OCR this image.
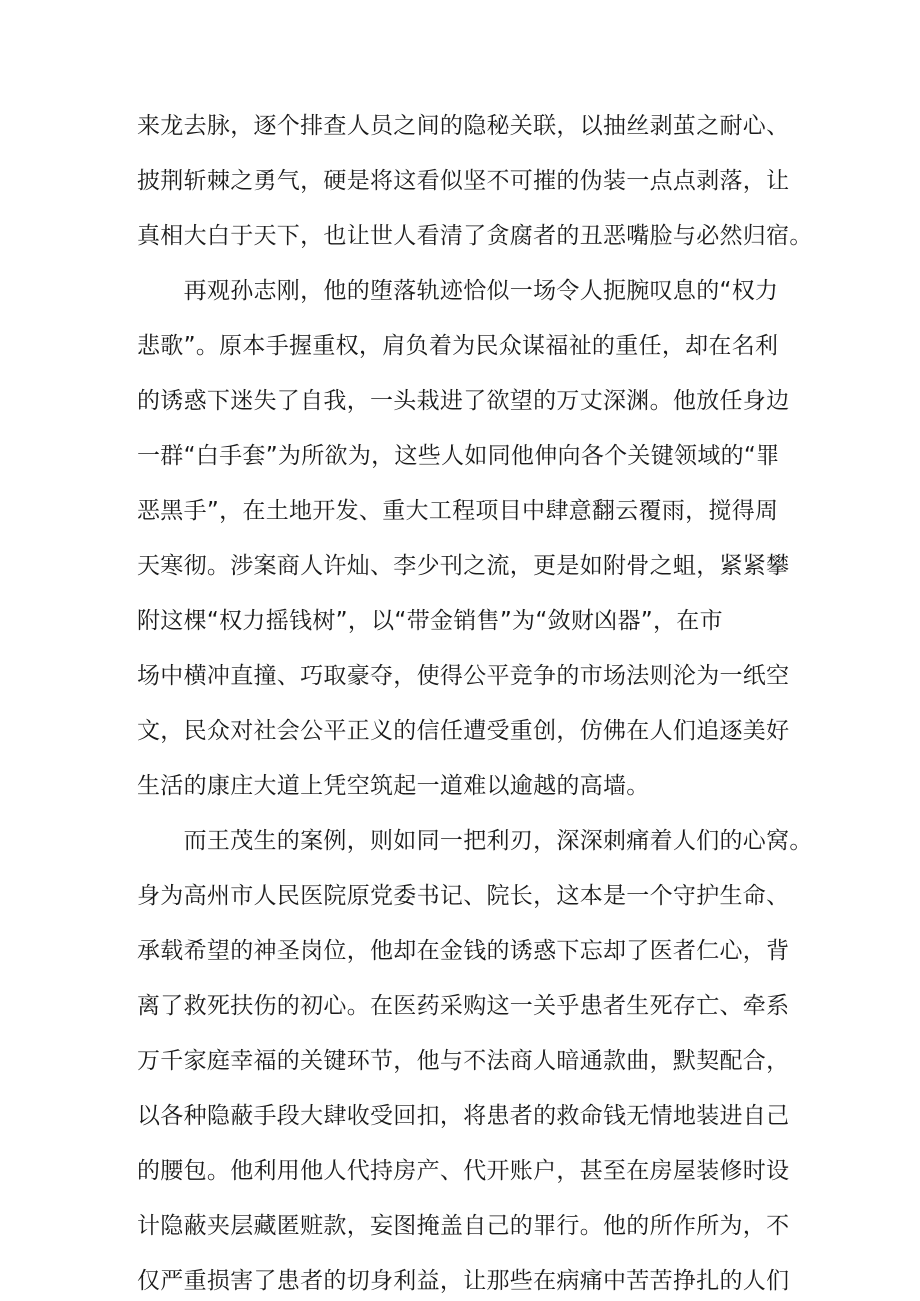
来龙去脉，逐个排查人员之间的隐秘关联，以抽丝剥茧之耐心、
披荆斩棘之勇气，硬是将这看似坚不可摧的伪装一点点剥落，让
真相大白于天下，也让世人看清了贪腐者的丑恶嘴脸与必然归宿。
　　再观孙志刚，他的堕落轨迹恰似一场令人扼腕叹息的“权力
悲歌”。原本手握重权，肩负着为民众谋福祉的重任，却在名利
的诱惑下迷失了自我，一头栽进了欲望的万丈深渊。他放任身边
一群“白手套”为所欲为，这些人如同他伸向各个关键领域的“罪
恶黑手”，在土地开发、重大工程项目中肆意翻云覆雨，搅得周
天寒彻。涉案商人许灿、李少刊之流，更是如附骨之蛆，紧紧攀
附这棵“权力摇钱树”，以“带金销售”为“敛财凶器”，在市
场中横冲直撞、巧取豪夺，使得公平竞争的市场法则沦为一纸空
文，民众对社会公平正义的信任遭受重创，仿佛在人们追逐美好
生活的康庄大道上凭空筑起一道难以逾越的高墙。
　　而王茂生的案例，则如同一把利刃，深深刺痛着人们的心窝。
身为高州市人民医院原党委书记、院长，这本是一个守护生命、
承载希望的神圣岗位，他却在金钱的诱惑下忘却了医者仁心，背
离了救死扶伤的初心。在医药采购这一关乎患者生死存亡、牵系
万千家庭幸福的关键环节，他与不法商人暗通款曲，默契配合，
以各种隐蔽手段大肆收受回扣，将患者的救命钱无情地装进自己
的腰包。他利用他人代持房产、代开账户，甚至在房屋装修时设
计隐蔽夹层藏匿赃款，妄图掩盖自己的罪行。他的所作所为，不
仅严重损害了患者的切身利益，让那些在病痛中苦苦挣扎的人们
